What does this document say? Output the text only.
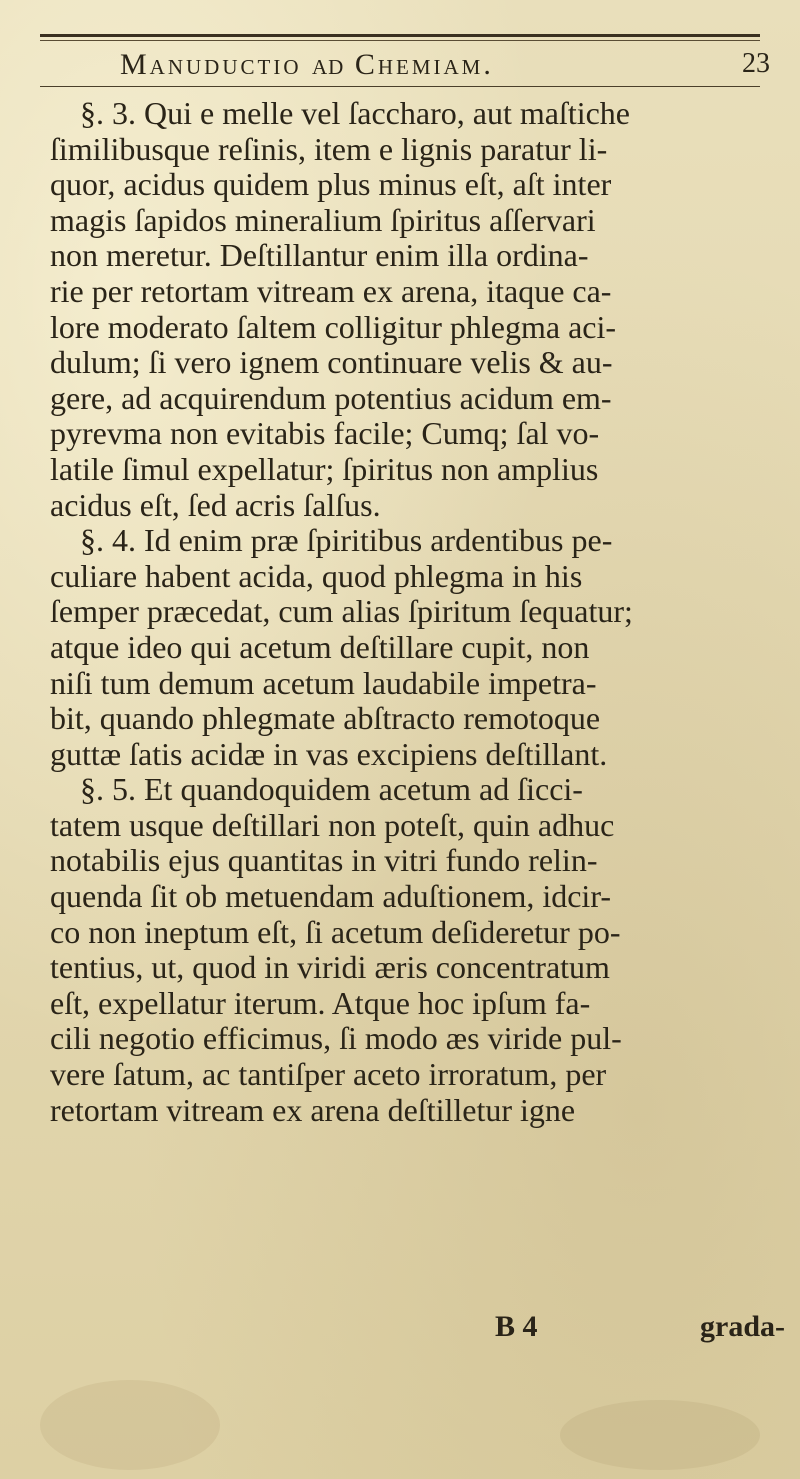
Manuductio ad Chemiam.	23
§. 3. Qui e melle vel ſaccharo, aut maſtiche
ſimilibusque reſinis, item e lignis paratur li-
quor, acidus quidem plus minus eſt, aſt inter
magis ſapidos mineralium ſpiritus aſſervari
non meretur. Deſtillantur enim illa ordina-
rie per retortam vitream ex arena, itaque ca-
lore moderato ſaltem colligitur phlegma aci-
dulum; ſi vero ignem continuare velis & au-
gere, ad acquirendum potentius acidum em-
pyrevma non evitabis facile; Cumq; ſal vo-
latile ſimul expellatur; ſpiritus non amplius
acidus eſt, ſed acris ſalſus.
§. 4. Id enim præ ſpiritibus ardentibus pe-
culiare habent acida, quod phlegma in his
ſemper præcedat, cum alias ſpiritum ſequatur;
atque ideo qui acetum deſtillare cupit, non
niſi tum demum acetum laudabile impetra-
bit, quando phlegmate abſtracto remotoque
guttæ ſatis acidæ in vas excipiens deſtillant.
§. 5. Et quandoquidem acetum ad ſicci-
tatem usque deſtillari non poteſt, quin adhuc
notabilis ejus quantitas in vitri fundo relin-
quenda ſit ob metuendam aduſtionem, idcir-
co non ineptum eſt, ſi acetum deſideretur po-
tentius, ut, quod in viridi æris concentratum
eſt, expellatur iterum. Atque hoc ipſum fa-
cili negotio efficimus, ſi modo æs viride pul-
vere ſatum, ac tantiſper aceto irroratum, per
retortam vitream ex arena deſtilletur igne
B 4	grada-
